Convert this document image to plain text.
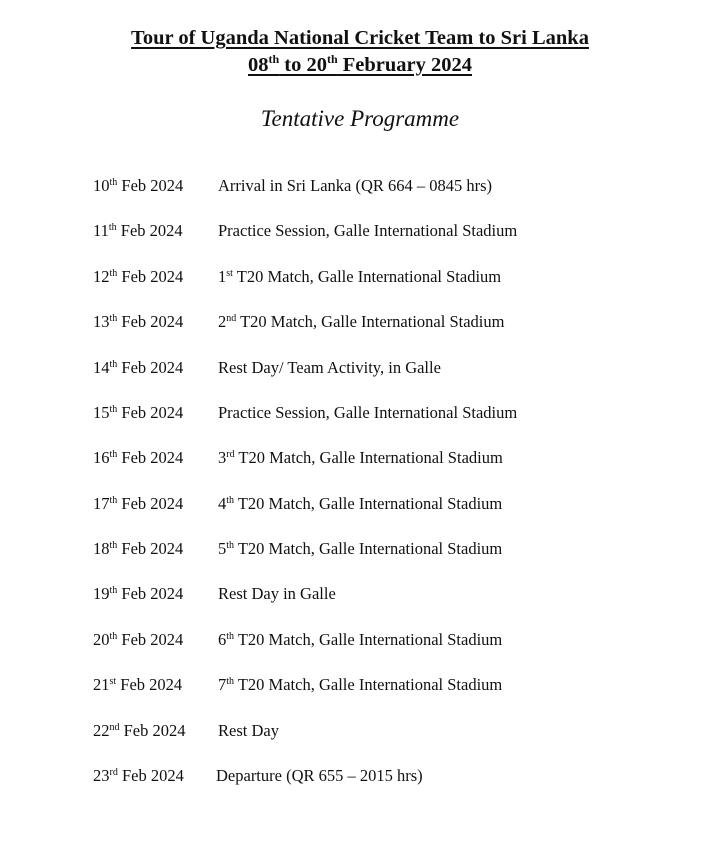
Tour of Uganda National Cricket Team to Sri Lanka
08th to 20th February 2024
Tentative Programme
10th Feb 2024 Arrival in Sri Lanka (QR 664 – 0845 hrs)
11th Feb 2024 Practice Session, Galle International Stadium
12th Feb 2024 1st T20 Match, Galle International Stadium
13th Feb 2024 2nd T20 Match, Galle International Stadium
14th Feb 2024 Rest Day/ Team Activity, in Galle
15th Feb 2024 Practice Session, Galle International Stadium
16th Feb 2024 3rd T20 Match, Galle International Stadium
17th Feb 2024 4th T20 Match, Galle International Stadium
18th Feb 2024 5th T20 Match, Galle International Stadium
19th Feb 2024 Rest Day in Galle
20th Feb 2024 6th T20 Match, Galle International Stadium
21st Feb 2024 7th T20 Match, Galle International Stadium
22nd Feb 2024 Rest Day
23rd Feb 2024 Departure (QR 655 – 2015 hrs)
